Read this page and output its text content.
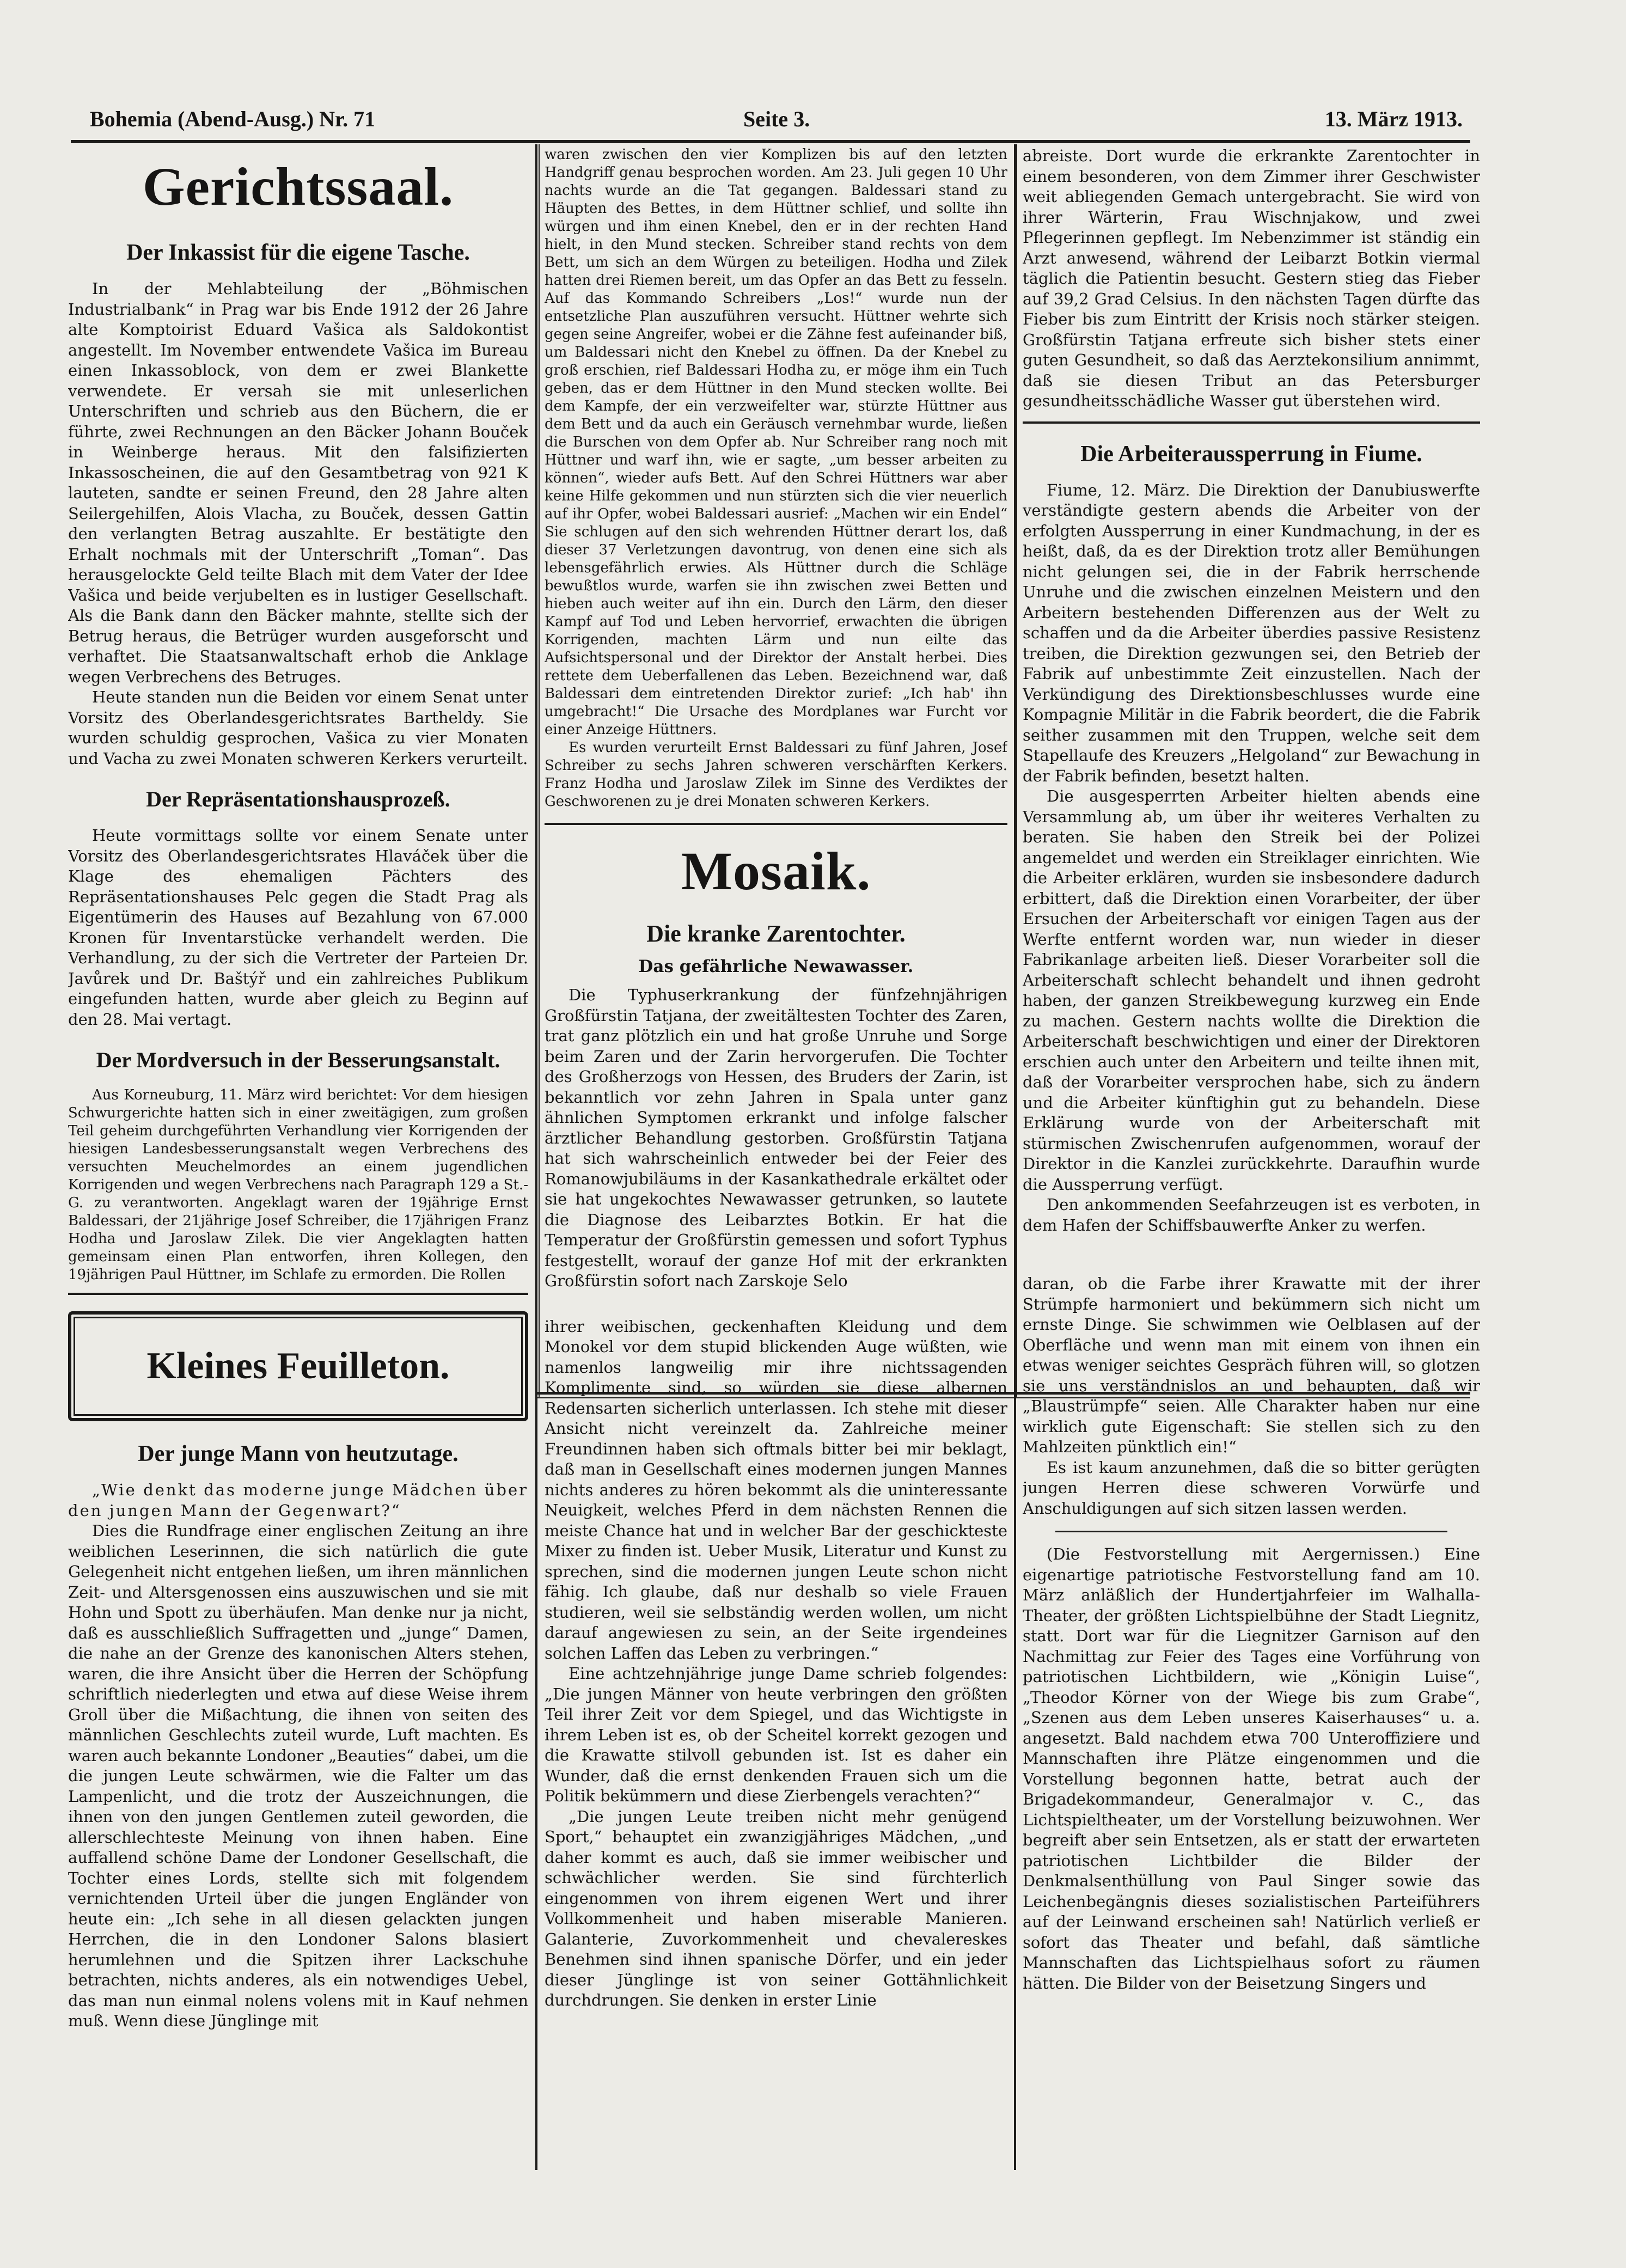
Bohemia (Abend-Ausg.) Nr. 71	Seite 3.	13. März 1913.
Gerichtssaal.
Der Inkassist für die eigene Tasche.

In der Mehlabteilung der „Böhmischen Industrialbank“ in Prag war bis Ende 1912 der 26 Jahre alte Komptoirist Eduard Vašica als Saldokontist angestellt. Im November entwendete Vašica im Bureau einen Inkassoblock, von dem er zwei Blankette verwendete. Er versah sie mit unleserlichen Unterschriften und schrieb aus den Büchern, die er führte, zwei Rechnungen an den Bäcker Johann Bouček in Weinberge heraus. Mit den falsifizierten Inkassoscheinen, die auf den Gesamtbetrag von 921 K lauteten, sandte er seinen Freund, den 28 Jahre alten Seilergehilfen, Alois Vlacha, zu Bouček, dessen Gattin den verlangten Betrag auszahlte. Er bestätigte den Erhalt nochmals mit der Unterschrift „Toman“. Das herausgelockte Geld teilte Blach mit dem Vater der Idee Vašica und beide verjubelten es in lustiger Gesellschaft. Als die Bank dann den Bäcker mahnte, stellte sich der Betrug heraus, die Betrüger wurden ausgeforscht und verhaftet. Die Staatsanwaltschaft erhob die Anklage wegen Verbrechens des Betruges.

Heute standen nun die Beiden vor einem Senat unter Vorsitz des Oberlandesgerichtsrates Bartheldy. Sie wurden schuldig gesprochen, Vašica zu vier Monaten und Vacha zu zwei Monaten schweren Kerkers verurteilt.

Der Repräsentationshausprozeß.

Heute vormittags sollte vor einem Senate unter Vorsitz des Oberlandesgerichtsrates Hlaváček über die Klage des ehemaligen Pächters des Repräsentationshauses Pelc gegen die Stadt Prag als Eigentümerin des Hauses auf Bezahlung von 67.000 Kronen für Inventarstücke verhandelt werden. Die Verhandlung, zu der sich die Vertreter der Parteien Dr. Javůrek und Dr. Baštýř und ein zahlreiches Publikum eingefunden hatten, wurde aber gleich zu Beginn auf den 28. Mai vertagt.

Der Mordversuch in der Besserungsanstalt.

Aus Korneuburg, 11. März wird berichtet: Vor dem hiesigen Schwurgerichte hatten sich in einer zweitägigen, zum großen Teil geheim durchgeführten Verhandlung vier Korrigenden der hiesigen Landesbesserungsanstalt wegen Verbrechens des versuchten Meuchelmordes an einem jugendlichen Korrigenden und wegen Verbrechens nach Paragraph 129 a St.-G. zu verantworten. Angeklagt waren der 19jährige Ernst Baldessari, der 21jährige Josef Schreiber, die 17jährigen Franz Hodha und Jaroslaw Zilek. Die vier Angeklagten hatten gemeinsam einen Plan entworfen, ihren Kollegen, den 19jährigen Paul Hüttner, im Schlafe zu ermorden. Die Rollen

Kleines Feuilleton.
Der junge Mann von heutzutage.

„Wie denkt das moderne junge Mädchen über den jungen Mann der Gegenwart?“

Dies die Rundfrage einer englischen Zeitung an ihre weiblichen Leserinnen, die sich natürlich die gute Gelegenheit nicht entgehen ließen, um ihren männlichen Zeit- und Altersgenossen eins auszuwischen und sie mit Hohn und Spott zu überhäufen. Man denke nur ja nicht, daß es ausschließlich Suffragetten und „junge“ Damen, die nahe an der Grenze des kanonischen Alters stehen, waren, die ihre Ansicht über die Herren der Schöpfung schriftlich niederlegten und etwa auf diese Weise ihrem Groll über die Mißachtung, die ihnen von seiten des männlichen Geschlechts zuteil wurde, Luft machten. Es waren auch bekannte Londoner „Beauties“ dabei, um die die jungen Leute schwärmen, wie die Falter um das Lampenlicht, und die trotz der Auszeichnungen, die ihnen von den jungen Gentlemen zuteil geworden, die allerschlechteste Meinung von ihnen haben. Eine auffallend schöne Dame der Londoner Gesellschaft, die Tochter eines Lords, stellte sich mit folgendem vernichtenden Urteil über die jungen Engländer von heute ein: „Ich sehe in all diesen gelackten jungen Herrchen, die in den Londoner Salons blasiert herumlehnen und die Spitzen ihrer Lackschuhe betrachten, nichts anderes, als ein notwendiges Uebel, das man nun einmal nolens volens mit in Kauf nehmen muß. Wenn diese Jünglinge mit

waren zwischen den vier Komplizen bis auf den letzten Handgriff genau besprochen worden. Am 23. Juli gegen 10 Uhr nachts wurde an die Tat gegangen. Baldessari stand zu Häupten des Bettes, in dem Hüttner schlief, und sollte ihn würgen und ihm einen Knebel, den er in der rechten Hand hielt, in den Mund stecken. Schreiber stand rechts von dem Bett, um sich an dem Würgen zu beteiligen. Hodha und Zilek hatten drei Riemen bereit, um das Opfer an das Bett zu fesseln. Auf das Kommando Schreibers „Los!“ wurde nun der entsetzliche Plan auszuführen versucht. Hüttner wehrte sich gegen seine Angreifer, wobei er die Zähne fest aufeinander biß, um Baldessari nicht den Knebel zu öffnen. Da der Knebel zu groß erschien, rief Baldessari Hodha zu, er möge ihm ein Tuch geben, das er dem Hüttner in den Mund stecken wollte. Bei dem Kampfe, der ein verzweifelter war, stürzte Hüttner aus dem Bett und da auch ein Geräusch vernehmbar wurde, ließen die Burschen von dem Opfer ab. Nur Schreiber rang noch mit Hüttner und warf ihn, wie er sagte, „um besser arbeiten zu können“, wieder aufs Bett. Auf den Schrei Hüttners war aber keine Hilfe gekommen und nun stürzten sich die vier neuerlich auf ihr Opfer, wobei Baldessari ausrief: „Machen wir ein Endel“ Sie schlugen auf den sich wehrenden Hüttner derart los, daß dieser 37 Verletzungen davontrug, von denen eine sich als lebensgefährlich erwies. Als Hüttner durch die Schläge bewußtlos wurde, warfen sie ihn zwischen zwei Betten und hieben auch weiter auf ihn ein. Durch den Lärm, den dieser Kampf auf Tod und Leben hervorrief, erwachten die übrigen Korrigenden, machten Lärm und nun eilte das Aufsichtspersonal und der Direktor der Anstalt herbei. Dies rettete dem Ueberfallenen das Leben. Bezeichnend war, daß Baldessari dem eintretenden Direktor zurief: „Ich hab' ihn umgebracht!“ Die Ursache des Mordplanes war Furcht vor einer Anzeige Hüttners.

Es wurden verurteilt Ernst Baldessari zu fünf Jahren, Josef Schreiber zu sechs Jahren schweren verschärften Kerkers. Franz Hodha und Jaroslaw Zilek im Sinne des Verdiktes der Geschworenen zu je drei Monaten schweren Kerkers.

Mosaik.
Die kranke Zarentochter.
Das gefährliche Newawasser.

Die Typhuserkrankung der fünfzehnjährigen Großfürstin Tatjana, der zweitältesten Tochter des Zaren, trat ganz plötzlich ein und hat große Unruhe und Sorge beim Zaren und der Zarin hervorgerufen. Die Tochter des Großherzogs von Hessen, des Bruders der Zarin, ist bekanntlich vor zehn Jahren in Spala unter ganz ähnlichen Symptomen erkrankt und infolge falscher ärztlicher Behandlung gestorben. Großfürstin Tatjana hat sich wahrscheinlich entweder bei der Feier des Romanowjubiläums in der Kasankathedrale erkältet oder sie hat ungekochtes Newawasser getrunken, so lautete die Diagnose des Leibarztes Botkin. Er hat die Temperatur der Großfürstin gemessen und sofort Typhus festgestellt, worauf der ganze Hof mit der erkrankten Großfürstin sofort nach Zarskoje Selo

ihrer weibischen, geckenhaften Kleidung und dem Monokel vor dem stupid blickenden Auge wüßten, wie namenlos langweilig mir ihre nichtssagenden Komplimente sind, so würden sie diese albernen Redensarten sicherlich unterlassen. Ich stehe mit dieser Ansicht nicht vereinzelt da. Zahlreiche meiner Freundinnen haben sich oftmals bitter bei mir beklagt, daß man in Gesellschaft eines modernen jungen Mannes nichts anderes zu hören bekommt als die uninteressante Neuigkeit, welches Pferd in dem nächsten Rennen die meiste Chance hat und in welcher Bar der geschickteste Mixer zu finden ist. Ueber Musik, Literatur und Kunst zu sprechen, sind die modernen jungen Leute schon nicht fähig. Ich glaube, daß nur deshalb so viele Frauen studieren, weil sie selbständig werden wollen, um nicht darauf angewiesen zu sein, an der Seite irgendeines solchen Laffen das Leben zu verbringen.“

Eine achtzehnjährige junge Dame schrieb folgendes: „Die jungen Männer von heute verbringen den größten Teil ihrer Zeit vor dem Spiegel, und das Wichtigste in ihrem Leben ist es, ob der Scheitel korrekt gezogen und die Krawatte stilvoll gebunden ist. Ist es daher ein Wunder, daß die ernst denkenden Frauen sich um die Politik bekümmern und diese Zierbengels verachten?“

„Die jungen Leute treiben nicht mehr genügend Sport,“ behauptet ein zwanzigjähriges Mädchen, „und daher kommt es auch, daß sie immer weibischer und schwächlicher werden. Sie sind fürchterlich eingenommen von ihrem eigenen Wert und ihrer Vollkommenheit und haben miserable Manieren. Galanterie, Zuvorkommenheit und chevalereskes Benehmen sind ihnen spanische Dörfer, und ein jeder dieser Jünglinge ist von seiner Gottähnlichkeit durchdrungen. Sie denken in erster Linie

abreiste. Dort wurde die erkrankte Zarentochter in einem besonderen, von dem Zimmer ihrer Geschwister weit abliegenden Gemach untergebracht. Sie wird von ihrer Wärterin, Frau Wischnjakow, und zwei Pflegerinnen gepflegt. Im Nebenzimmer ist ständig ein Arzt anwesend, während der Leibarzt Botkin viermal täglich die Patientin besucht. Gestern stieg das Fieber auf 39,2 Grad Celsius. In den nächsten Tagen dürfte das Fieber bis zum Eintritt der Krisis noch stärker steigen. Großfürstin Tatjana erfreute sich bisher stets einer guten Gesundheit, so daß das Aerztekonsilium annimmt, daß sie diesen Tribut an das Petersburger gesundheitsschädliche Wasser gut überstehen wird.

Die Arbeiteraussperrung in Fiume.

Fiume, 12. März. Die Direktion der Danubiuswerfte verständigte gestern abends die Arbeiter von der erfolgten Aussperrung in einer Kundmachung, in der es heißt, daß, da es der Direktion trotz aller Bemühungen nicht gelungen sei, die in der Fabrik herrschende Unruhe und die zwischen einzelnen Meistern und den Arbeitern bestehenden Differenzen aus der Welt zu schaffen und da die Arbeiter überdies passive Resistenz treiben, die Direktion gezwungen sei, den Betrieb der Fabrik auf unbestimmte Zeit einzustellen. Nach der Verkündigung des Direktionsbeschlusses wurde eine Kompagnie Militär in die Fabrik beordert, die die Fabrik seither zusammen mit den Truppen, welche seit dem Stapellaufe des Kreuzers „Helgoland“ zur Bewachung in der Fabrik befinden, besetzt halten.

Die ausgesperrten Arbeiter hielten abends eine Versammlung ab, um über ihr weiteres Verhalten zu beraten. Sie haben den Streik bei der Polizei angemeldet und werden ein Streiklager einrichten. Wie die Arbeiter erklären, wurden sie insbesondere dadurch erbittert, daß die Direktion einen Vorarbeiter, der über Ersuchen der Arbeiterschaft vor einigen Tagen aus der Werfte entfernt worden war, nun wieder in dieser Fabrikanlage arbeiten ließ. Dieser Vorarbeiter soll die Arbeiterschaft schlecht behandelt und ihnen gedroht haben, der ganzen Streikbewegung kurzweg ein Ende zu machen. Gestern nachts wollte die Direktion die Arbeiterschaft beschwichtigen und einer der Direktoren erschien auch unter den Arbeitern und teilte ihnen mit, daß der Vorarbeiter versprochen habe, sich zu ändern und die Arbeiter künftighin gut zu behandeln. Diese Erklärung wurde von der Arbeiterschaft mit stürmischen Zwischenrufen aufgenommen, worauf der Direktor in die Kanzlei zurückkehrte. Daraufhin wurde die Aussperrung verfügt.

Den ankommenden Seefahrzeugen ist es verboten, in dem Hafen der Schiffsbauwerfte Anker zu werfen.

daran, ob die Farbe ihrer Krawatte mit der ihrer Strümpfe harmoniert und bekümmern sich nicht um ernste Dinge. Sie schwimmen wie Oelblasen auf der Oberfläche und wenn man mit einem von ihnen ein etwas weniger seichtes Gespräch führen will, so glotzen sie uns verständnislos an und behaupten, daß wir „Blaustrümpfe“ seien. Alle Charakter haben nur eine wirklich gute Eigenschaft: Sie stellen sich zu den Mahlzeiten pünktlich ein!“

Es ist kaum anzunehmen, daß die so bitter gerügten jungen Herren diese schweren Vorwürfe und Anschuldigungen auf sich sitzen lassen werden.

(Die Festvorstellung mit Aergernissen.) Eine eigenartige patriotische Festvorstellung fand am 10. März anläßlich der Hundertjahrfeier im Walhalla-Theater, der größten Lichtspielbühne der Stadt Liegnitz, statt. Dort war für die Liegnitzer Garnison auf den Nachmittag zur Feier des Tages eine Vorführung von patriotischen Lichtbildern, wie „Königin Luise“, „Theodor Körner von der Wiege bis zum Grabe“, „Szenen aus dem Leben unseres Kaiserhauses“ u. a. angesetzt. Bald nachdem etwa 700 Unteroffiziere und Mannschaften ihre Plätze eingenommen und die Vorstellung begonnen hatte, betrat auch der Brigadekommandeur, Generalmajor v. C., das Lichtspieltheater, um der Vorstellung beizuwohnen. Wer begreift aber sein Entsetzen, als er statt der erwarteten patriotischen Lichtbilder die Bilder der Denkmalsenthüllung von Paul Singer sowie das Leichenbegängnis dieses sozialistischen Parteiführers auf der Leinwand erscheinen sah! Natürlich verließ er sofort das Theater und befahl, daß sämtliche Mannschaften das Lichtspielhaus sofort zu räumen hätten. Die Bilder von der Beisetzung Singers und
